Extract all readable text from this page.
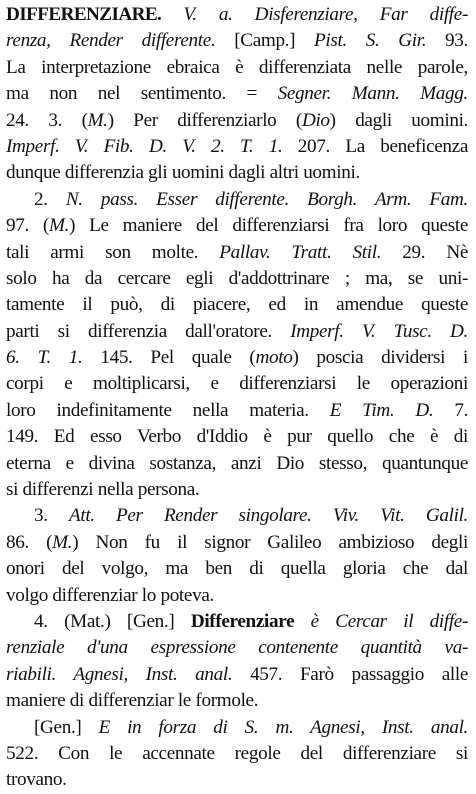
DIFFERENZIARE. V. a. Disferenziare, Far diffe-
renza, Render differente. [Camp.] Pist. S. Gir. 93.
La interpretazione ebraica è differenziata nelle parole,
ma non nel sentimento. = Segner. Mann. Magg.
24. 3. (M.) Per differenziarlo (Dio) dagli uomini.
Imperf. V. Fib. D. V. 2. T. 1. 207. La beneficenza
dunque differenzia gli uomini dagli altri uomini.
2. N. pass. Esser differente. Borgh. Arm. Fam.
97. (M.) Le maniere del differenziarsi fra loro queste
tali armi son molte. Pallav. Tratt. Stil. 29. Nè
solo ha da cercare egli d'addottrinare ; ma, se uni-
tamente il può, di piacere, ed in amendue queste
parti si differenzia dall'oratore. Imperf. V. Tusc. D.
6. T. 1. 145. Pel quale (moto) poscia dividersi i
corpi e moltiplicarsi, e differenziarsi le operazioni
loro indefinitamente nella materia. E Tim. D. 7.
149. Ed esso Verbo d'Iddio è pur quello che è di
eterna e divina sostanza, anzi Dio stesso, quantunque
si differenzi nella persona.
3. Att. Per Render singolare. Viv. Vit. Galil.
86. (M.) Non fu il signor Galileo ambizioso degli
onori del volgo, ma ben di quella gloria che dal
volgo differenziar lo poteva.
4. (Mat.) [Gen.] Differenziare è Cercar il diffe-
renziale d'una espressione contenente quantità va-
riabili. Agnesi, Inst. anal. 457. Farò passaggio alle
maniere di differenziar le formole.
[Gen.] E in forza di S. m. Agnesi, Inst. anal.
522. Con le accennate regole del differenziare si
trovano.
